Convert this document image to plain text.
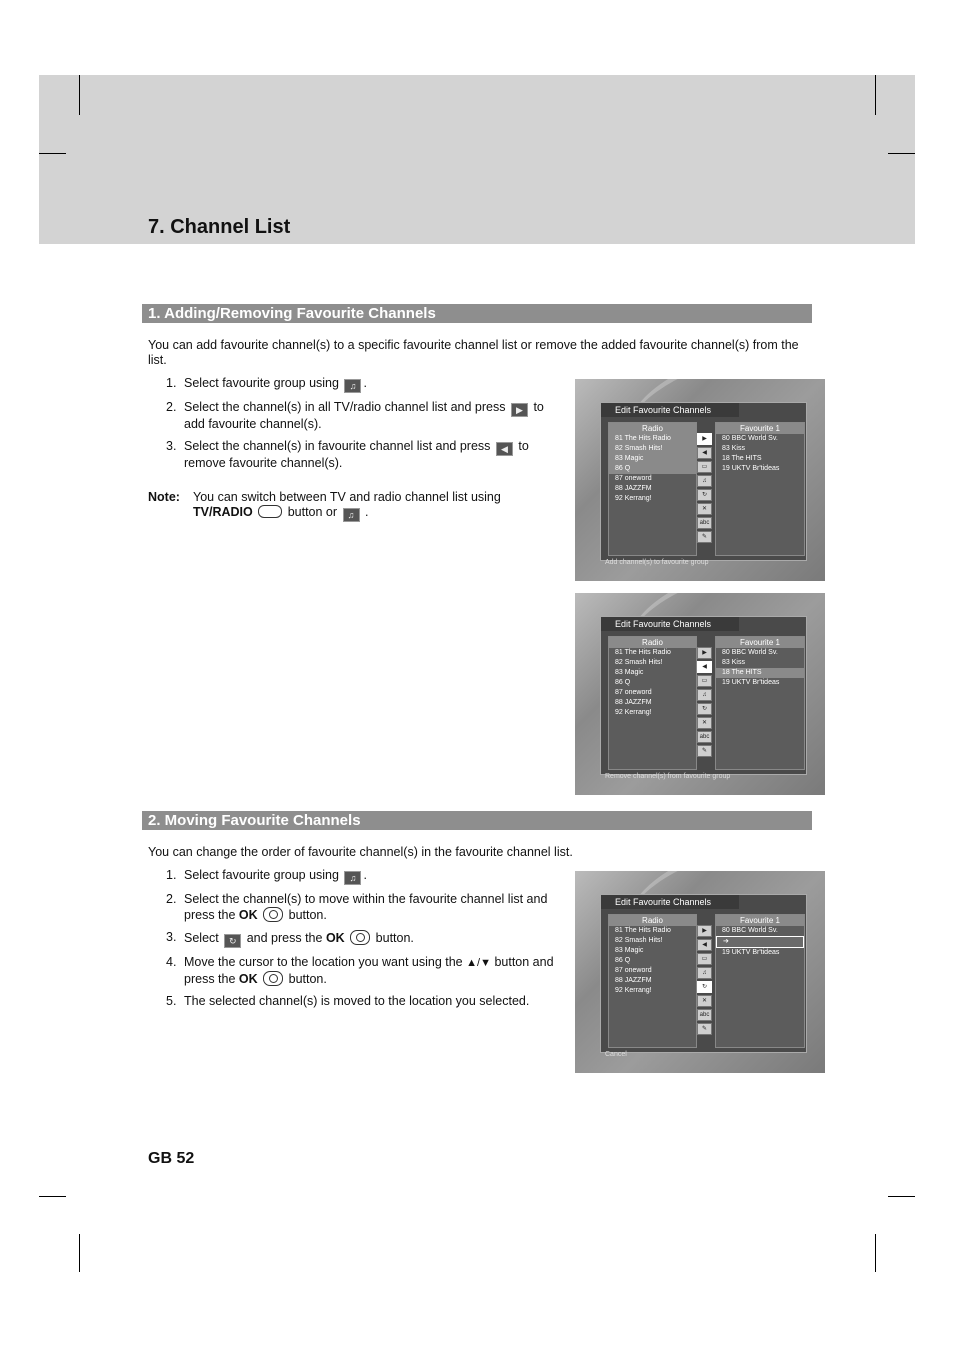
7. Channel List
1. Adding/Removing Favourite Channels

You can add favourite channel(s) to a specific favourite channel list or remove the added favourite channel(s) from the list.

1. Select favourite group using ♫ .
2. Select the channel(s) in all TV/radio channel list and press ▶ to add favourite channel(s).
3. Select the channel(s) in favourite channel list and press ◀ to remove favourite channel(s).
Note:	You can switch between TV and radio channel list using
TV/RADIO	button or ♫ .
Edit Favourite Channels
Radio
81 The Hits Radio
82 Smash Hits!
83 Magic
86 Q
87 oneword
88 JAZZFM
92 Kerrang!
▶
◀
▭
♫
↻
✕
abc
✎
Favourite 1
80 BBC World Sv.
83 Kiss
18 The HITS
19 UKTV Br'tideas
Add channel(s) to favourite group
Edit Favourite Channels
Radio
81 The Hits Radio
82 Smash Hits!
83 Magic
86 Q
87 oneword
88 JAZZFM
92 Kerrang!
▶
◀
▭
♫
↻
✕
abc
✎
Favourite 1
80 BBC World Sv.
83 Kiss
18 The HITS
19 UKTV Br'tideas
Remove channel(s) from favourite group
2. Moving Favourite Channels

You can change the order of favourite channel(s) in the favourite channel list.

1. Select favourite group using ♫ .
2. Select the channel(s) to move within the favourite channel list and press the OK button.
3. Select ↻ and press the OK button.
4. Move the cursor to the location you want using the ▲/▼ button and press the OK button.
5. The selected channel(s) is moved to the location you selected.
Edit Favourite Channels
Radio
81 The Hits Radio
82 Smash Hits!
83 Magic
86 Q
87 oneword
88 JAZZFM
92 Kerrang!
▶
◀
▭
♫
↻
✕
abc
✎
Favourite 1
80 BBC World Sv.
➔
19 UKTV Br'tideas
Cancel
GB 52
